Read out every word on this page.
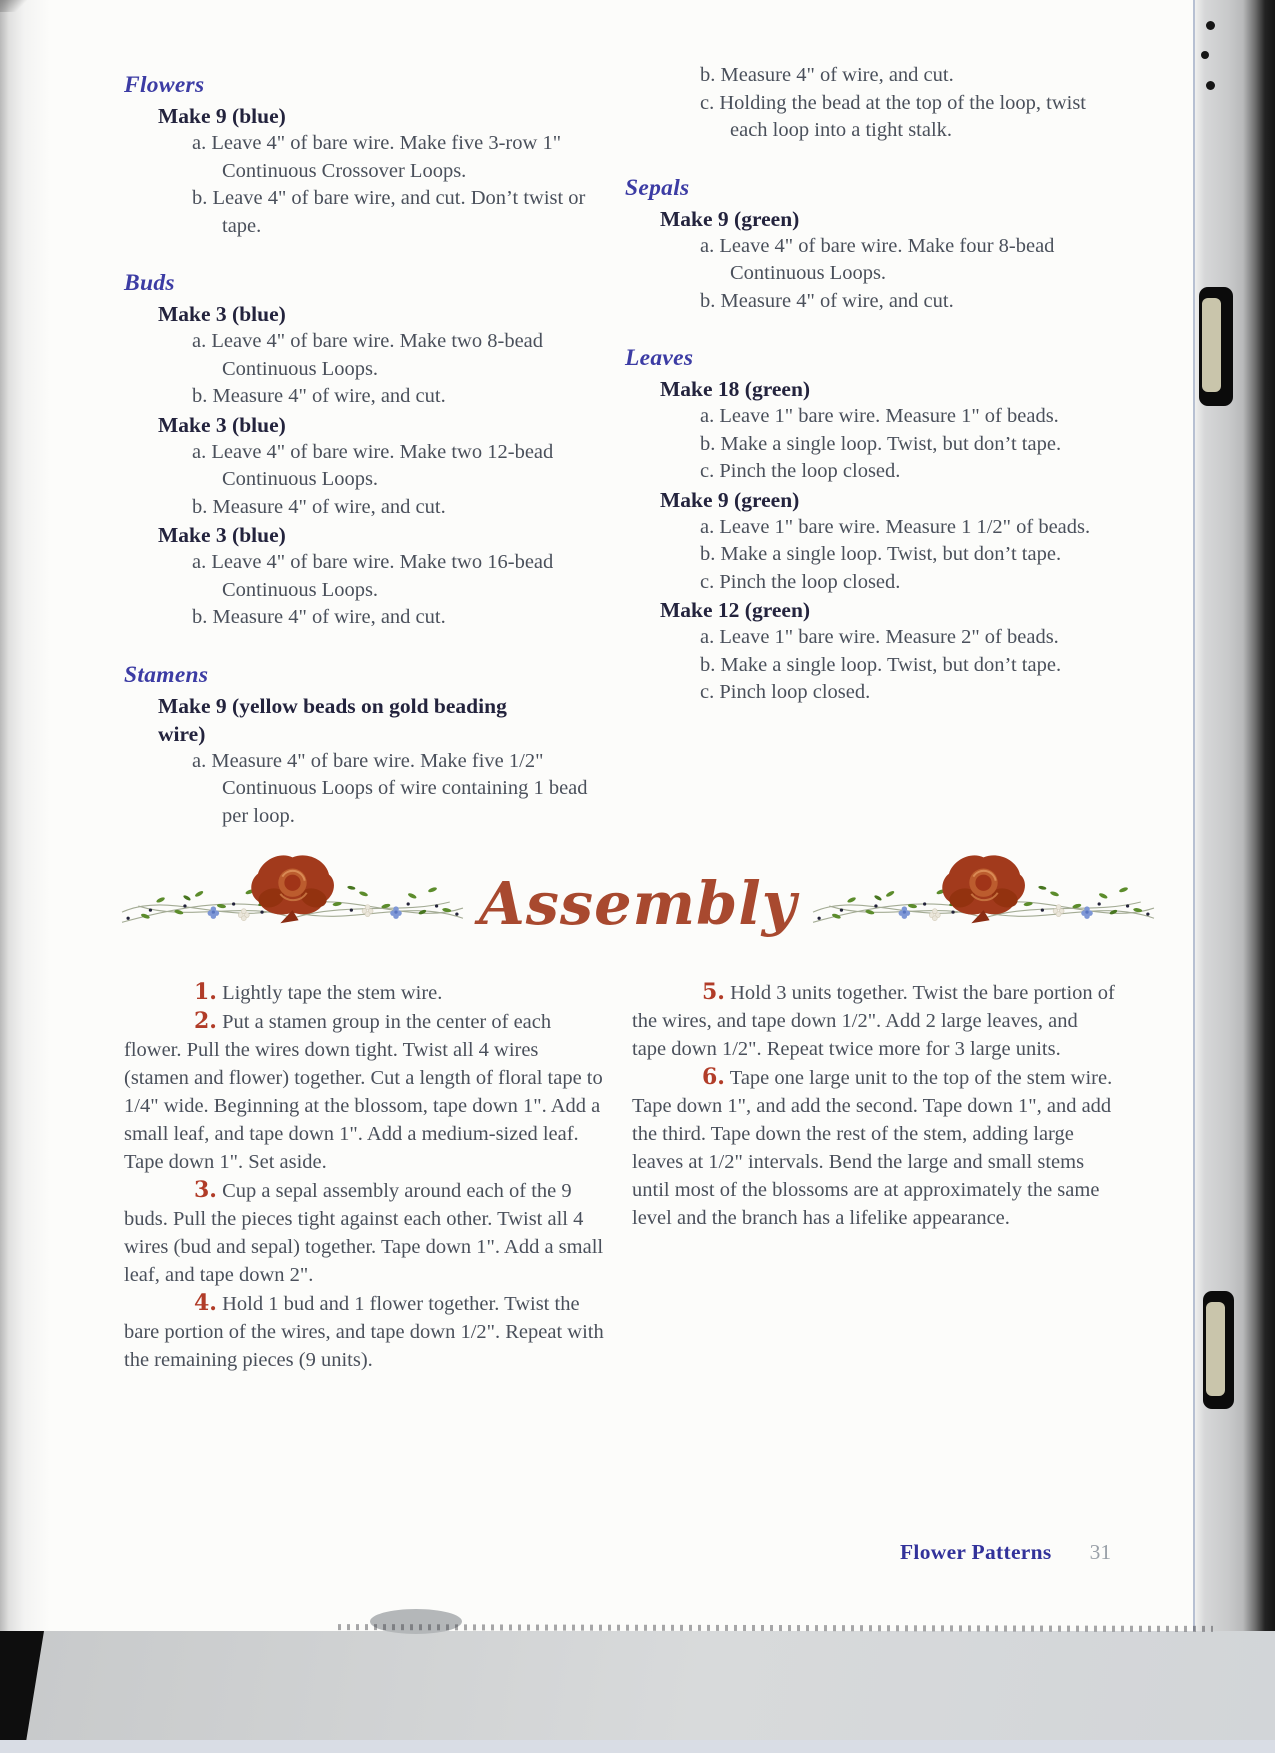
Flowers
Make 9 (blue)

a. Leave 4" of bare wire. Make five 3-row 1" Continuous Crossover Loops.

b. Leave 4" of bare wire, and cut. Don’t twist or tape.

Buds
Make 3 (blue)

a. Leave 4" of bare wire. Make two 8-bead Continuous Loops.

b. Measure 4" of wire, and cut.

Make 3 (blue)

a. Leave 4" of bare wire. Make two 12-bead Continuous Loops.

b. Measure 4" of wire, and cut.

Make 3 (blue)

a. Leave 4" of bare wire. Make two 16-bead Continuous Loops.

b. Measure 4" of wire, and cut.

Stamens
Make 9 (yellow beads on gold beading wire)

a. Measure 4" of bare wire. Make five 1/2" Continuous Loops of wire containing 1 bead per loop.

b. Measure 4" of wire, and cut.

c. Holding the bead at the top of the loop, twist each loop into a tight stalk.

Sepals
Make 9 (green)

a. Leave 4" of bare wire. Make four 8-bead Continuous Loops.

b. Measure 4" of wire, and cut.

Leaves
Make 18 (green)

a. Leave 1" bare wire. Measure 1" of beads.

b. Make a single loop. Twist, but don’t tape.

c. Pinch the loop closed.

Make 9 (green)

a. Leave 1" bare wire. Measure 1 1/2" of beads.

b. Make a single loop. Twist, but don’t tape.

c. Pinch the loop closed.

Make 12 (green)

a. Leave 1" bare wire. Measure 2" of beads.

b. Make a single loop. Twist, but don’t tape.

c. Pinch loop closed.

Assembly

1. Lightly tape the stem wire.

2. Put a stamen group in the center of each flower. Pull the wires down tight. Twist all 4 wires (stamen and flower) together. Cut a length of floral tape to 1/4" wide. Beginning at the blossom, tape down 1". Add a small leaf, and tape down 1". Add a medium-sized leaf. Tape down 1". Set aside.

3. Cup a sepal assembly around each of the 9 buds. Pull the pieces tight against each other. Twist all 4 wires (bud and sepal) together. Tape down 1". Add a small leaf, and tape down 2".

4. Hold 1 bud and 1 flower together. Twist the bare portion of the wires, and tape down 1/2". Repeat with the remaining pieces (9 units).

5. Hold 3 units together. Twist the bare portion of the wires, and tape down 1/2". Add 2 large leaves, and tape down 1/2". Repeat twice more for 3 large units.

6. Tape one large unit to the top of the stem wire. Tape down 1", and add the second. Tape down 1", and add the third. Tape down the rest of the stem, adding large leaves at 1/2" intervals. Bend the large and small stems until most of the blossoms are at approximately the same level and the branch has a lifelike appearance.

Flower Patterns 31
